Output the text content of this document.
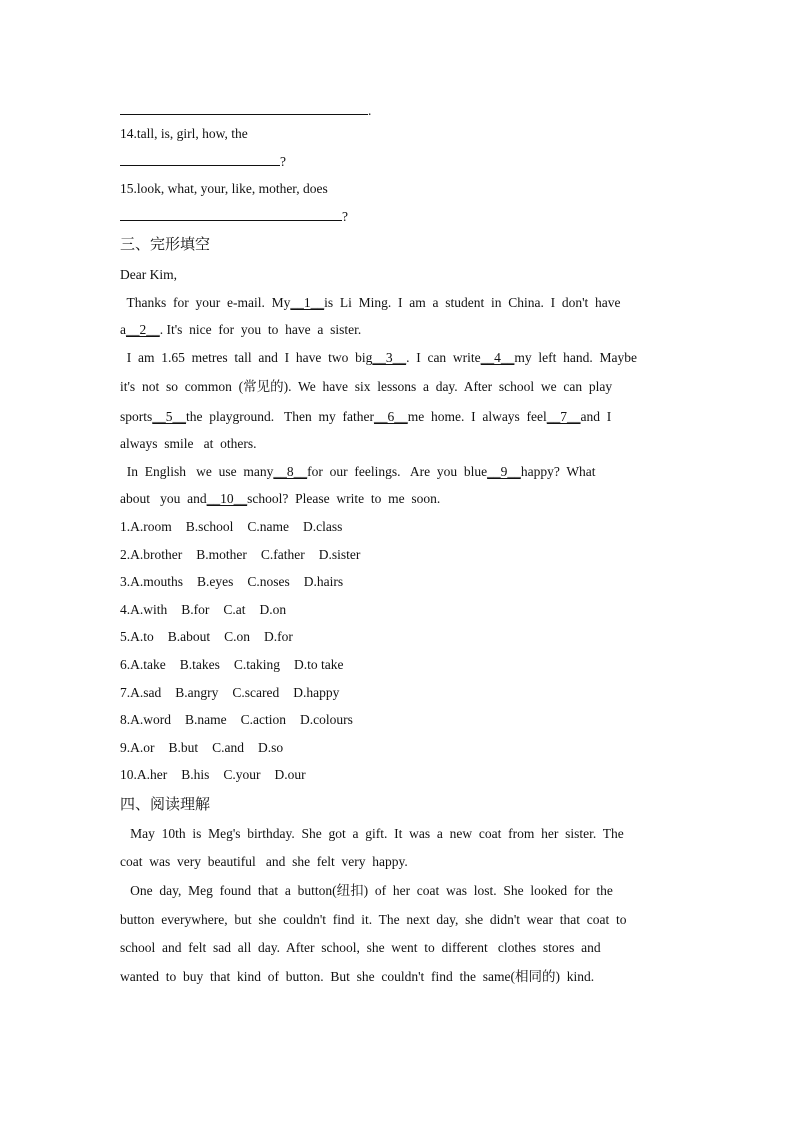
.
14.tall, is, girl, how, the
?
15.look, what, your, like, mother, does
?
三、完形填空
Dear Kim,
Thanks  for  your  e-mail.  My__1__is  Li  Ming.  I  am  a  student  in  China.  I  don't  have
a__2__. It's  nice  for  you  to  have  a  sister.
I  am  1.65  metres  tall  and  I  have  two  big__3__.  I  can  write__4__my  left  hand.  Maybe
it's  not  so  common  (常见的).  We  have  six  lessons  a  day.  After  school  we  can  play
sports__5__the  playground.   Then  my  father__6__me  home.  I  always  feel__7__and  I
always  smile   at  others.
In  English   we  use  many__8__for  our  feelings.   Are  you  blue__9__happy?  What
about   you  and__10__school?  Please  write  to  me  soon.
1.A.room B.school C.name D.class
2.A.brother B.mother C.father D.sister
3.A.mouths B.eyes C.noses D.hairs
4.A.with B.for C.at D.on
5.A.to B.about C.on D.for
6.A.take B.takes C.taking D.to take
7.A.sad B.angry C.scared D.happy
8.A.word B.name C.action D.colours
9.A.or B.but C.and D.so
10.A.her B.his C.your D.our
四、阅读理解
May  10th  is  Meg's  birthday.  She  got  a  gift.  It  was  a  new  coat  from  her  sister.  The
coat  was  very  beautiful   and  she  felt  very  happy.
One  day,  Meg  found  that  a  button(纽扣)  of  her  coat  was  lost.  She  looked  for  the
button  everywhere,  but  she  couldn't  find  it.  The  next  day,  she  didn't  wear  that  coat  to
school  and  felt  sad  all  day.  After  school,  she  went  to  different   clothes  stores  and
wanted  to  buy  that  kind  of  button.  But  she  couldn't  find  the  same(相同的)  kind.
